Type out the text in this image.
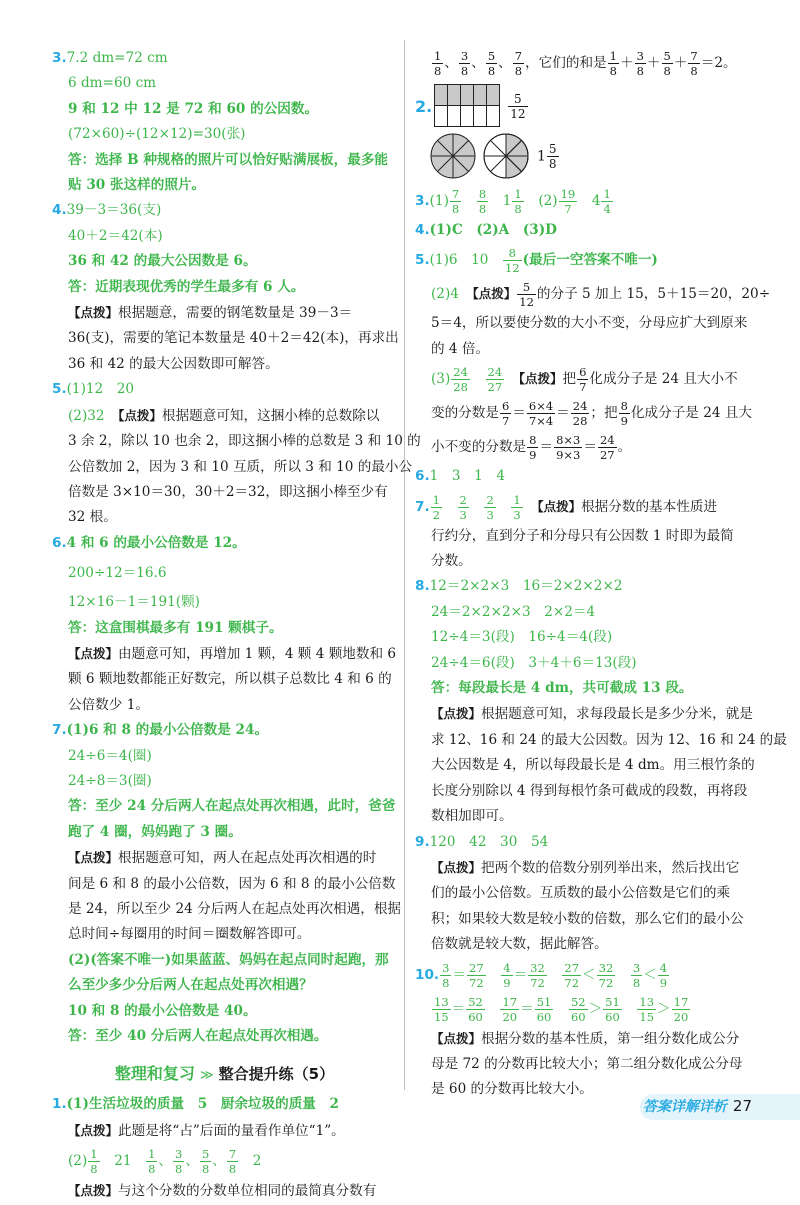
3.7.2 dm=72 cm
6 dm=60 cm
9 和 12 中 12 是 72 和 60 的公因数。
(72×60)÷(12×12)=30(张)
答：选择 B 种规格的照片可以恰好贴满展板，最多能
贴 30 张这样的照片。
4.39－3＝36(支)
40＋2＝42(本)
36 和 42 的最大公因数是 6。
答：近期表现优秀的学生最多有 6 人。
【点拨】根据题意，需要的钢笔数量是 39－3＝
36(支)，需要的笔记本数量是 40＋2＝42(本)，再求出
36 和 42 的最大公因数即可解答。
5.(1)12　20
(2)32　 【点拨】根据题意可知，这捆小棒的总数除以
3 余 2，除以 10 也余 2，即这捆小棒的总数是 3 和 10 的
公倍数加 2，因为 3 和 10 互质，所以 3 和 10 的最小公
倍数是 3×10＝30，30＋2＝32，即这捆小棒至少有
32 根。
6.4 和 6 的最小公倍数是 12。
200÷12＝16.6
12×16－1＝191(颗)
答：这盒围棋最多有 191 颗棋子。
【点拨】由题意可知，再增加 1 颗，4 颗 4 颗地数和 6
颗 6 颗地数都能正好数完，所以棋子总数比 4 和 6 的
公倍数少 1。
7.(1)6 和 8 的最小公倍数是 24。
24÷6＝4(圈)
24÷8＝3(圈)
答：至少 24 分后两人在起点处再次相遇，此时，爸爸
跑了 4 圈，妈妈跑了 3 圈。
【点拨】根据题意可知，两人在起点处再次相遇的时
间是 6 和 8 的最小公倍数，因为 6 和 8 的最小公倍数
是 24，所以至少 24 分后两人在起点处再次相遇，根据
总时间÷每圈用的时间＝圈数解答即可。
(2)(答案不唯一)如果蓝蓝、妈妈在起点同时起跑，那
么至少多少分后两人在起点处再次相遇？
10 和 8 的最小公倍数是 40。
答：至少 40 分后两人在起点处再次相遇。
整理和复习 ≫ 整合提升练（5）
1.(1)生活垃圾的质量　5　厨余垃圾的质量　2
【点拨】此题是将“占”后面的量看作单位“1”。
$(2) \frac{1}{8}$
　 21　 $\frac{1}{8}$ 、 $\frac{3}{8}$ 、 $\frac{5}{8}$ 、 $\frac{7}{8}$
　 2
【点拨】与这个分数的分数单位相同的最简真分数有
$\frac{1}{8}$ 、 $\frac{3}{8}$ 、 $\frac{5}{8}$ 、 $\frac{7}{8}$ ，它们的和是 $\frac{1}{8} + \frac{3}{8} + \frac{5}{8} + \frac{7}{8} =2$。
2.	$\frac{5}{12}$
$1 \frac{5}{8}$
$3.(1) \frac{7}{8}$
　 $\frac{8}{8}$
　 $1 \frac{1}{8}$
　 $(2) \frac{19}{7}$
　 $4 \frac{1}{4}$
4.(1)C　(2)A　(3)D
5.(1)6　10　 $\frac{8}{12}$ (最后一空答案不唯一)
(2)4　 【点拨】 $\frac{5}{12}$ 的分子 5 加上 15，5＋15＝20，20÷
5＝4，所以要使分数的大小不变，分母应扩大到原来
的 4 倍。
$(3) \frac{24}{28}$
　 $\frac{24}{27}$
　 【点拨】把 $\frac{6}{7}$ 化成分子是 24 且大小不
变的分数是 $\frac{6}{7} = \frac{6\times 4}{7\times 4} = \frac{24}{28}$ ；把 $\frac{8}{9}$ 化成分子是 24 且大
小不变的分数是 $\frac{8}{9} = \frac{8\times 3}{9\times 3} = \frac{24}{27}$ 。
6.1　3　1　4
7. $\frac{1}{2}$
　 $\frac{2}{3}$
　 $\frac{2}{3}$
　 $\frac{1}{3}$
　 【点拨】根据分数的基本性质进
行约分，直到分子和分母只有公因数 1 时即为最简
分数。
8.12＝2×2×3　16＝2×2×2×2
24＝2×2×2×3　2×2＝4
12÷4＝3(段)　16÷4＝4(段)
24÷4＝6(段)　3＋4＋6＝13(段)
答：每段最长是 4 dm，共可截成 13 段。
【点拨】根据题意可知，求每段最长是多少分米，就是
求 12、16 和 24 的最大公因数。因为 12、16 和 24 的最
大公因数是 4，所以每段最长是 4 dm。用三根竹条的
长度分别除以 4 得到每根竹条可截成的段数，再将段
数相加即可。
9.120　42　30　54
【点拨】把两个数的倍数分别列举出来，然后找出它
们的最小公倍数。互质数的最小公倍数是它们的乘
积；如果较大数是较小数的倍数，那么它们的最小公
倍数就是较大数，据此解答。
10. $\frac{3}{8} = \frac{27}{72}$
　 $\frac{4}{9} = \frac{32}{72}$
　 $\frac{27}{72} < \frac{32}{72}$
　 $\frac{3}{8} < \frac{4}{9}$
$\frac{13}{15} = \frac{52}{60}$
　 $\frac{17}{20} = \frac{51}{60}$
　 $\frac{52}{60} > \frac{51}{60}$
　 $\frac{13}{15} > \frac{17}{20}$
【点拨】根据分数的基本性质，第一组分数化成公分
母是 72 的分数再比较大小；第二组分数化成公分母
是 60 的分数再比较大小。
答案详解详析 27
